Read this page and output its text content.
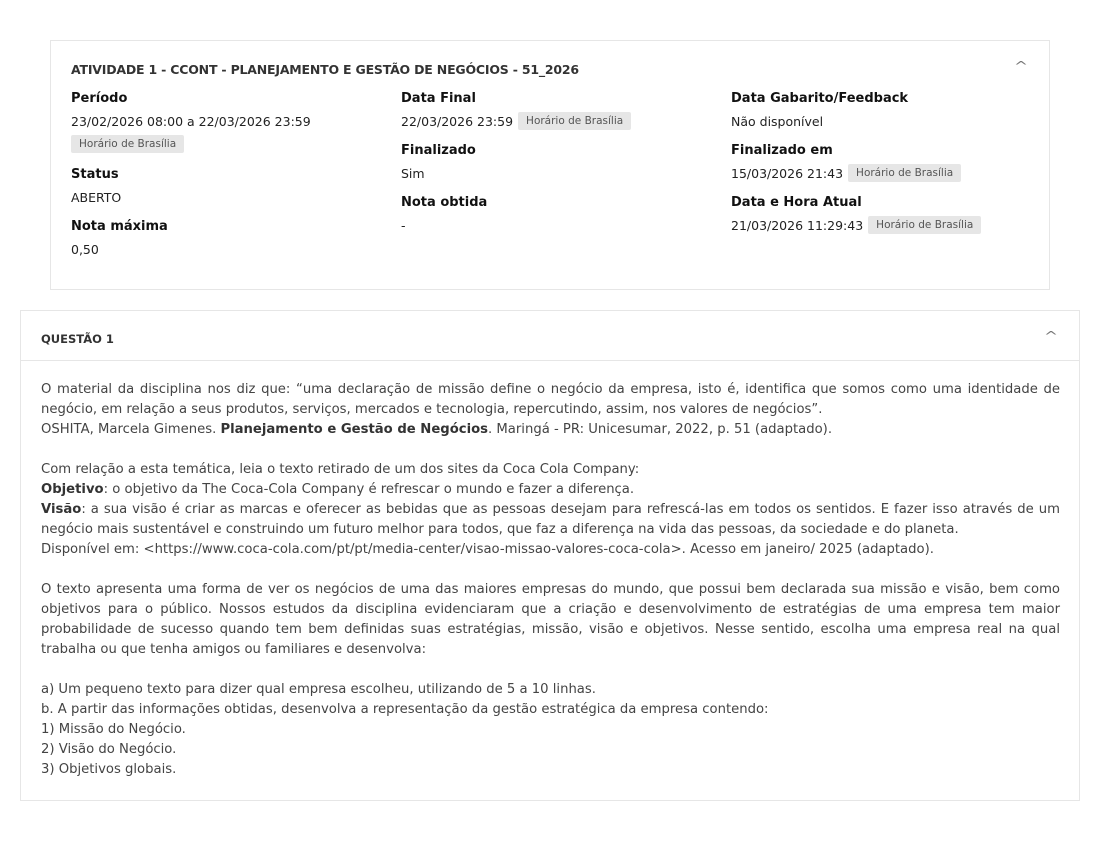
ATIVIDADE 1 - CCONT - PLANEJAMENTO E GESTÃO DE NEGÓCIOS - 51_2026	^
Período
23/02/2026 08:00 a 22/03/2026 23:59
Horário de Brasília
Status
ABERTO
Nota máxima
0,50
Data Final
22/03/2026 23:59	Horário de Brasília
Finalizado
Sim
Nota obtida
-
Data Gabarito/Feedback
Não disponível
Finalizado em
15/03/2026 21:43	Horário de Brasília
Data e Hora Atual
21/03/2026 11:29:43	Horário de Brasília
QUESTÃO 1	^
O material da disciplina nos diz que: “uma declaração de missão define o negócio da empresa, isto é, identifica que somos como uma identidade de negócio, em relação a seus produtos, serviços, mercados e tecnologia, repercutindo, assim, nos valores de negócios”.
OSHITA, Marcela Gimenes. Planejamento e Gestão de Negócios. Maringá - PR: Unicesumar, 2022, p. 51 (adaptado).
Com relação a esta temática, leia o texto retirado de um dos sites da Coca Cola Company:
Objetivo: o objetivo da The Coca-Cola Company é refrescar o mundo e fazer a diferença.
Visão: a sua visão é criar as marcas e oferecer as bebidas que as pessoas desejam para refrescá-las em todos os sentidos. E fazer isso através de um negócio mais sustentável e construindo um futuro melhor para todos, que faz a diferença na vida das pessoas, da sociedade e do planeta.
Disponível em: <https://www.coca-cola.com/pt/pt/media-center/visao-missao-valores-coca-cola>. Acesso em janeiro/ 2025 (adaptado).
O texto apresenta uma forma de ver os negócios de uma das maiores empresas do mundo, que possui bem declarada sua missão e visão, bem como objetivos para o público. Nossos estudos da disciplina evidenciaram que a criação e desenvolvimento de estratégias de uma empresa tem maior probabilidade de sucesso quando tem bem definidas suas estratégias, missão, visão e objetivos. Nesse sentido, escolha uma empresa real na qual trabalha ou que tenha amigos ou familiares e desenvolva:
a) Um pequeno texto para dizer qual empresa escolheu, utilizando de 5 a 10 linhas.
b. A partir das informações obtidas, desenvolva a representação da gestão estratégica da empresa contendo:
1) Missão do Negócio.
2) Visão do Negócio.
3) Objetivos globais.
